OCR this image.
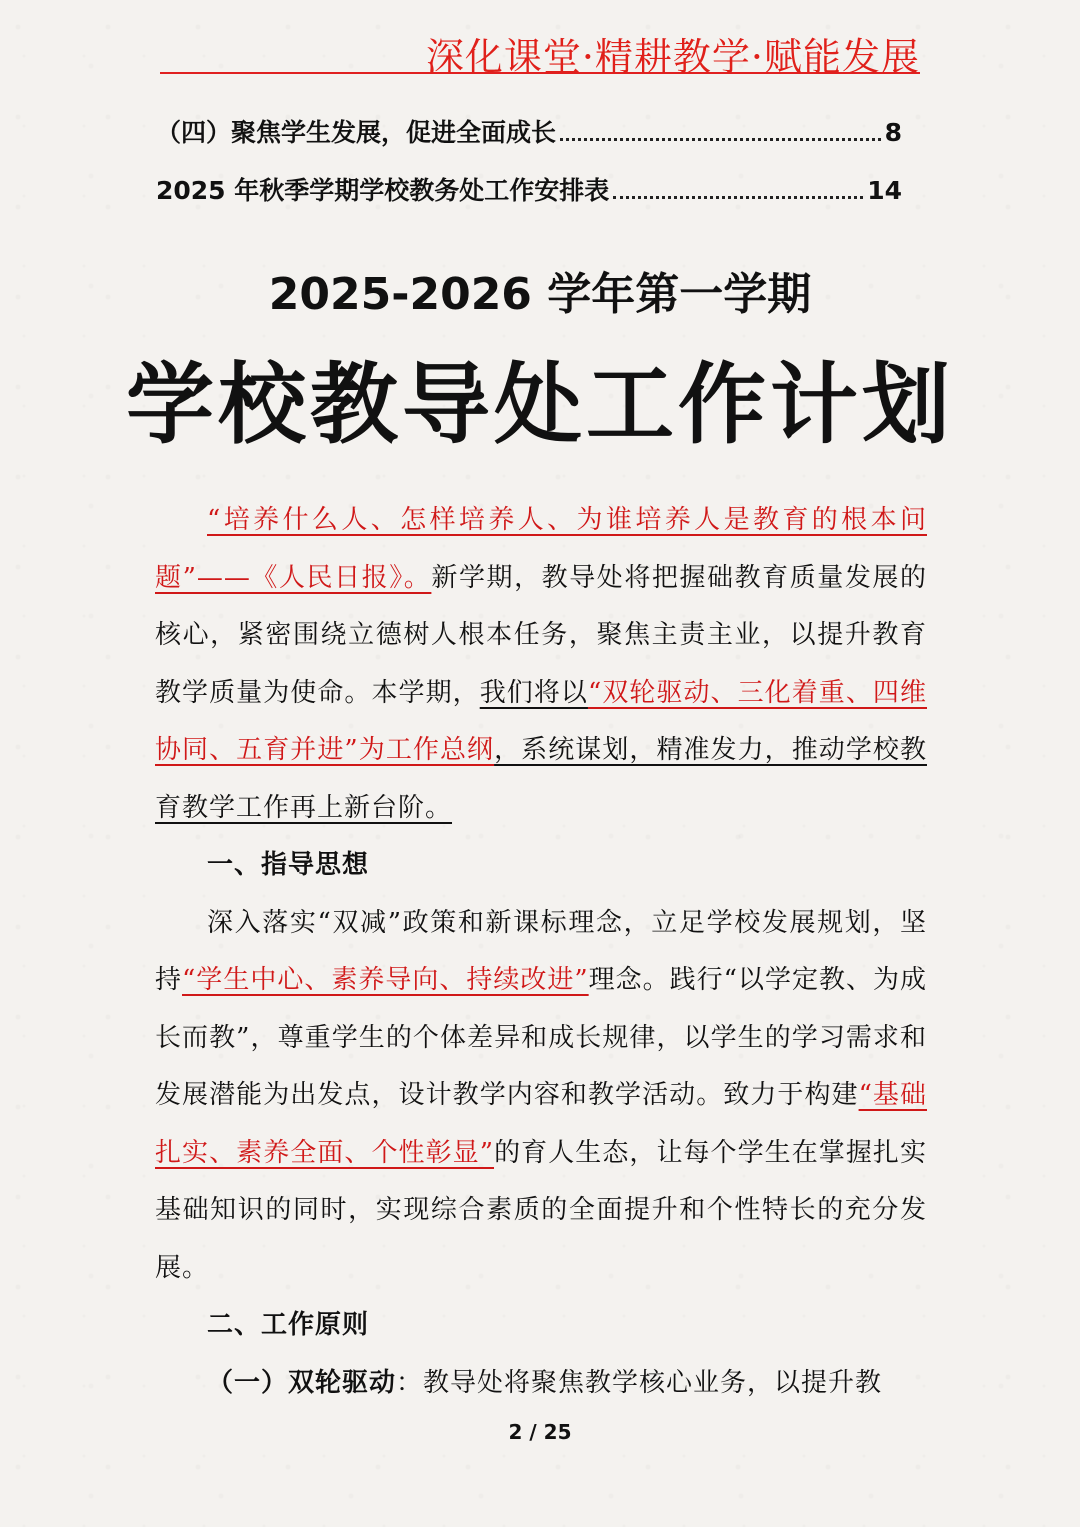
深化课堂·精耕教学·赋能发展
（四）聚焦学生发展，促进全面成长	8
2025 年秋季学期学校教务处工作安排表	14
2025-2026 学年第一学期
学校教导处工作计划

“培养什么人、怎样培养人、为谁培养人是教育的根本问题”——《人民日报》。新学期，教导处将把握础教育质量发展的核心，紧密围绕立德树人根本任务，聚焦主责主业，以提升教育教学质量为使命。本学期，我们将以“双轮驱动、三化着重、四维协同、五育并进”为工作总纲，系统谋划，精准发力，推动学校教育教学工作再上新台阶。

一、指导思想

深入落实“双减”政策和新课标理念，立足学校发展规划，坚持“学生中心、素养导向、持续改进”理念。践行“以学定教、为成长而教”，尊重学生的个体差异和成长规律，以学生的学习需求和发展潜能为出发点，设计教学内容和教学活动。致力于构建“基础扎实、素养全面、个性彰显”的育人生态，让每个学生在掌握扎实基础知识的同时，实现综合素质的全面提升和个性特长的充分发展。

二、工作原则

（一）双轮驱动：教导处将聚焦教学核心业务，以提升教

2 / 25
